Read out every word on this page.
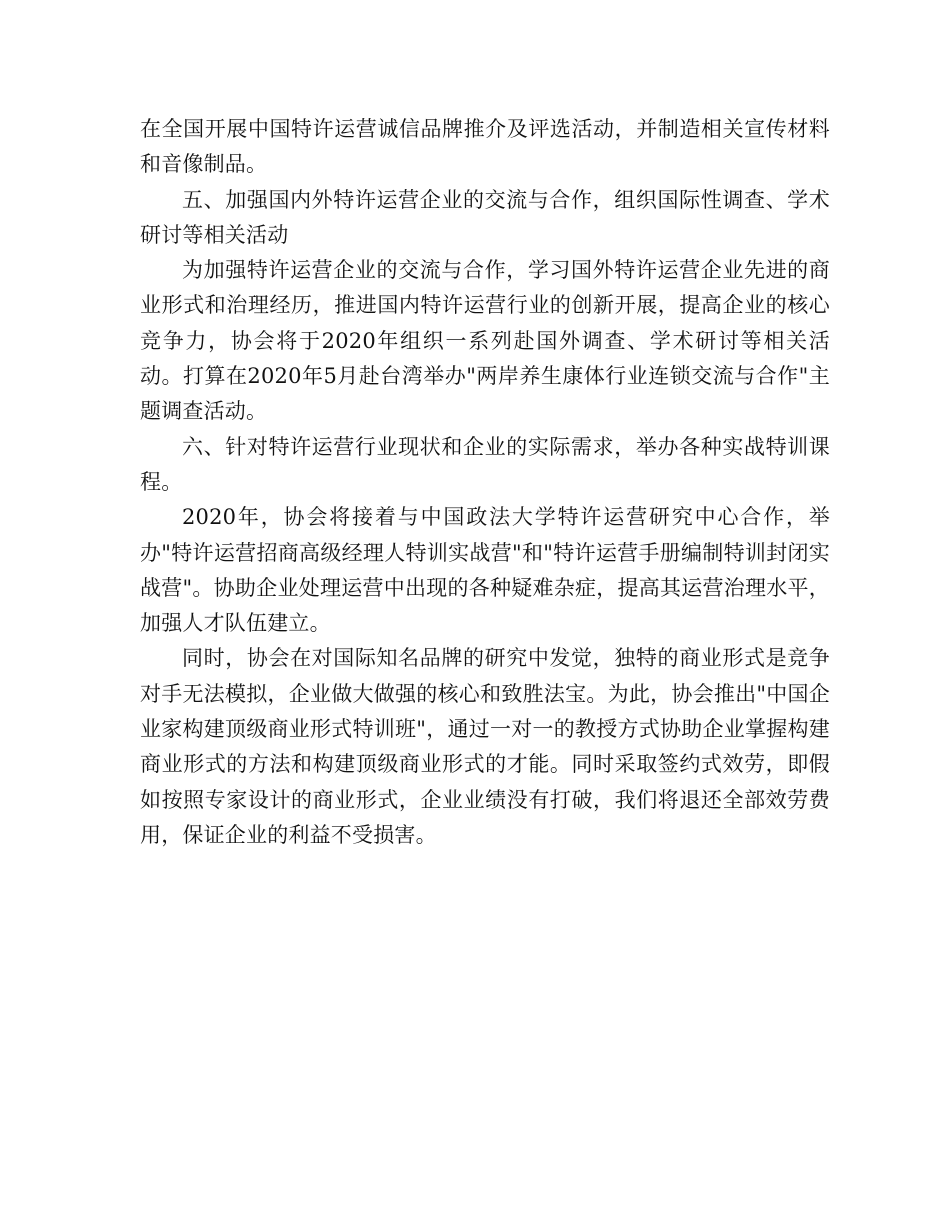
在全国开展中国特许运营诚信品牌推介及评选活动，并制造相关宣传材料和音像制品。

五、加强国内外特许运营企业的交流与合作，组织国际性调查、学术研讨等相关活动

为加强特许运营企业的交流与合作，学习国外特许运营企业先进的商业形式和治理经历，推进国内特许运营行业的创新开展，提高企业的核心竞争力，协会将于2020年组织一系列赴国外调查、学术研讨等相关活动。打算在2020年5月赴台湾举办"两岸养生康体行业连锁交流与合作"主题调查活动。

六、针对特许运营行业现状和企业的实际需求，举办各种实战特训课程。

2020年，协会将接着与中国政法大学特许运营研究中心合作，举办"特许运营招商高级经理人特训实战营"和"特许运营手册编制特训封闭实战营"。协助企业处理运营中出现的各种疑难杂症，提高其运营治理水平，加强人才队伍建立。

同时，协会在对国际知名品牌的研究中发觉，独特的商业形式是竞争对手无法模拟，企业做大做强的核心和致胜法宝。为此，协会推出"中国企业家构建顶级商业形式特训班"，通过一对一的教授方式协助企业掌握构建商业形式的方法和构建顶级商业形式的才能。同时采取签约式效劳，即假如按照专家设计的商业形式，企业业绩没有打破，我们将退还全部效劳费用，保证企业的利益不受损害。
